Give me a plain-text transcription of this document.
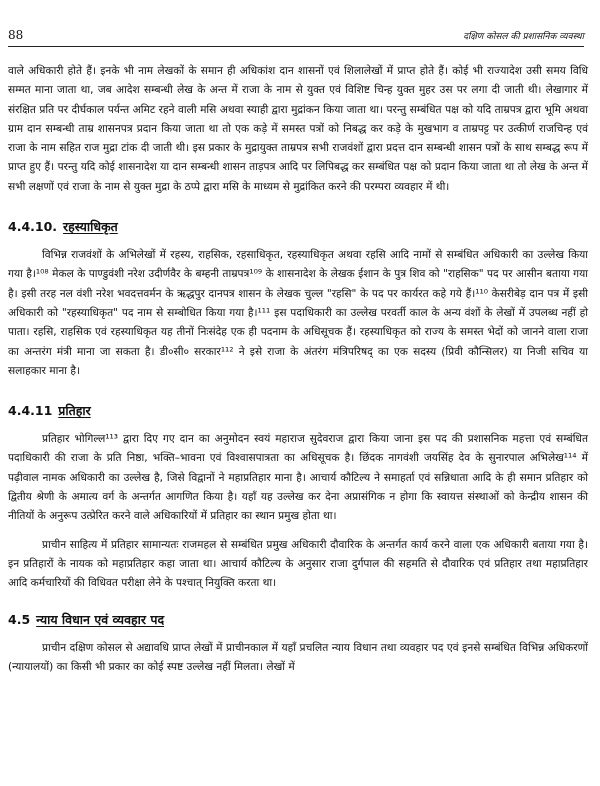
88	दक्षिण कोसल की प्रशासनिक व्यवस्था

वाले अधिकारी होते हैं। इनके भी नाम लेखकों के समान ही अधिकांश दान शासनों एवं शिलालेखों में प्राप्त होते हैं। कोई भी राज्यादेश उसी समय विधि सम्मत माना जाता था, जब आदेश सम्बन्धी लेख के अन्त में राजा के नाम से युक्त एवं विशिष्ट चिन्ह युक्त मुहर उस पर लगा दी जाती थी। लेखागार में संरक्षित प्रति पर दीर्घकाल पर्यन्त अमिट रहने वाली मसि अथवा स्याही द्वारा मुद्रांकन किया जाता था। परन्तु सम्बंधित पक्ष को यदि ताम्रपत्र द्वारा भूमि अथवा ग्राम दान सम्बन्धी ताम्र शासनपत्र प्रदान किया जाता था तो एक कड़े में समस्त पत्रों को निबद्ध कर कड़े के मुखभाग व ताम्रपट्ट पर उत्कीर्ण राजचिन्ह एवं राजा के नाम सहित राज मुद्रा टांक दी जाती थी। इस प्रकार के मुद्रायुक्त ताम्रपत्र सभी राजवंशों द्वारा प्रदत्त दान सम्बन्धी शासन पत्रों के साथ सम्बद्ध रूप में प्राप्त हुए हैं। परन्तु यदि कोई शासनादेश या दान सम्बन्धी शासन ताड़पत्र आदि पर लिपिबद्ध कर सम्बंधित पक्ष को प्रदान किया जाता था तो लेख के अन्त में सभी लक्षणों एवं राजा के नाम से युक्त मुद्रा के ठप्पे द्वारा मसि के माध्यम से मुद्रांकित करने की परम्परा व्यवहार में थी।

4.4.10. रहस्याधिकृत

विभिन्न राजवंशों के अभिलेखों में रहस्य, राहसिक, रहसाधिकृत, रहस्याधिकृत अथवा रहसि आदि नामों से सम्बंधित अधिकारी का उल्लेख किया गया है।¹⁰⁸ मेकल के पाण्डुवंशी नरेश उदीर्णवैर के बम्हनी ताम्रपत्र¹⁰⁹ के शासनादेश के लेखक ईशान के पुत्र शिव को "राहसिक" पद पर आसीन बताया गया है। इसी तरह नल वंशी नरेश भवदत्तवर्मन के ऋद्धपुर दानपत्र शासन के लेखक चुल्ल "रहसि" के पद पर कार्यरत कहे गये हैं।¹¹⁰ केसरीबेड़ दान पत्र में इसी अधिकारी को "रहस्याधिकृत" पद नाम से सम्बोधित किया गया है।¹¹¹ इस पदाधिकारी का उल्लेख परवर्ती काल के अन्य वंशों के लेखों में उपलब्ध नहीं हो पाता। रहसि, राहसिक एवं रहस्याधिकृत यह तीनों निःसंदेह एक ही पदनाम के अधिसूचक हैं। रहस्याधिकृत को राज्य के समस्त भेदों को जानने वाला राजा का अन्तरंग मंत्री माना जा सकता है। डी०सी० सरकार¹¹² ने इसे राजा के अंतरंग मंत्रिपरिषद् का एक सदस्य (प्रिवी कौन्सिलर) या निजी सचिव या सलाहकार माना है।

4.4.11 प्रतिहार

प्रतिहार भोगिल्ल¹¹³ द्वारा दिए गए दान का अनुमोदन स्वयं महाराज सुदेवराज द्वारा किया जाना इस पद की प्रशासनिक महत्ता एवं सम्बंधित पदाधिकारी की राजा के प्रति निष्ठा, भक्ति–भावना एवं विश्वासपात्रता का अधिसूचक है। छिंदक नागवंशी जयसिंह देव के सुनारपाल अभिलेख¹¹⁴ में पढ़ीवाल नामक अधिकारी का उल्लेख है, जिसे विद्वानों ने महाप्रतिहार माना है। आचार्य कौटिल्य ने समाहर्ता एवं सन्निधाता आदि के ही समान प्रतिहार को द्वितीय श्रेणी के अमात्य वर्ग के अन्तर्गत आगणित किया है। यहाँ यह उल्लेख कर देना अप्रासंगिक न होगा कि स्वायत्त संस्थाओं को केन्द्रीय शासन की नीतियों के अनुरूप उत्प्रेरित करने वाले अधिकारियों में प्रतिहार का स्थान प्रमुख होता था।

प्राचीन साहित्य में प्रतिहार सामान्यतः राजमहल से सम्बंधित प्रमुख अधिकारी दौवारिक के अन्तर्गत कार्य करने वाला एक अधिकारी बताया गया है। इन प्रतिहारों के नायक को महाप्रतिहार कहा जाता था। आचार्य कौटिल्य के अनुसार राजा दुर्गपाल की सहमति से दौवारिक एवं प्रतिहार तथा महाप्रतिहार आदि कर्मचारियों की विधिवत परीक्षा लेने के पश्चात् नियुक्ति करता था।

4.5 न्याय विधान एवं व्यवहार पद

प्राचीन दक्षिण कोसल से अद्यावधि प्राप्त लेखों में प्राचीनकाल में यहाँ प्रचलित न्याय विधान तथा व्यवहार पद एवं इनसे सम्बंधित विभिन्न अधिकरणों (न्यायालयों) का किसी भी प्रकार का कोई स्पष्ट उल्लेख नहीं मिलता। लेखों में
